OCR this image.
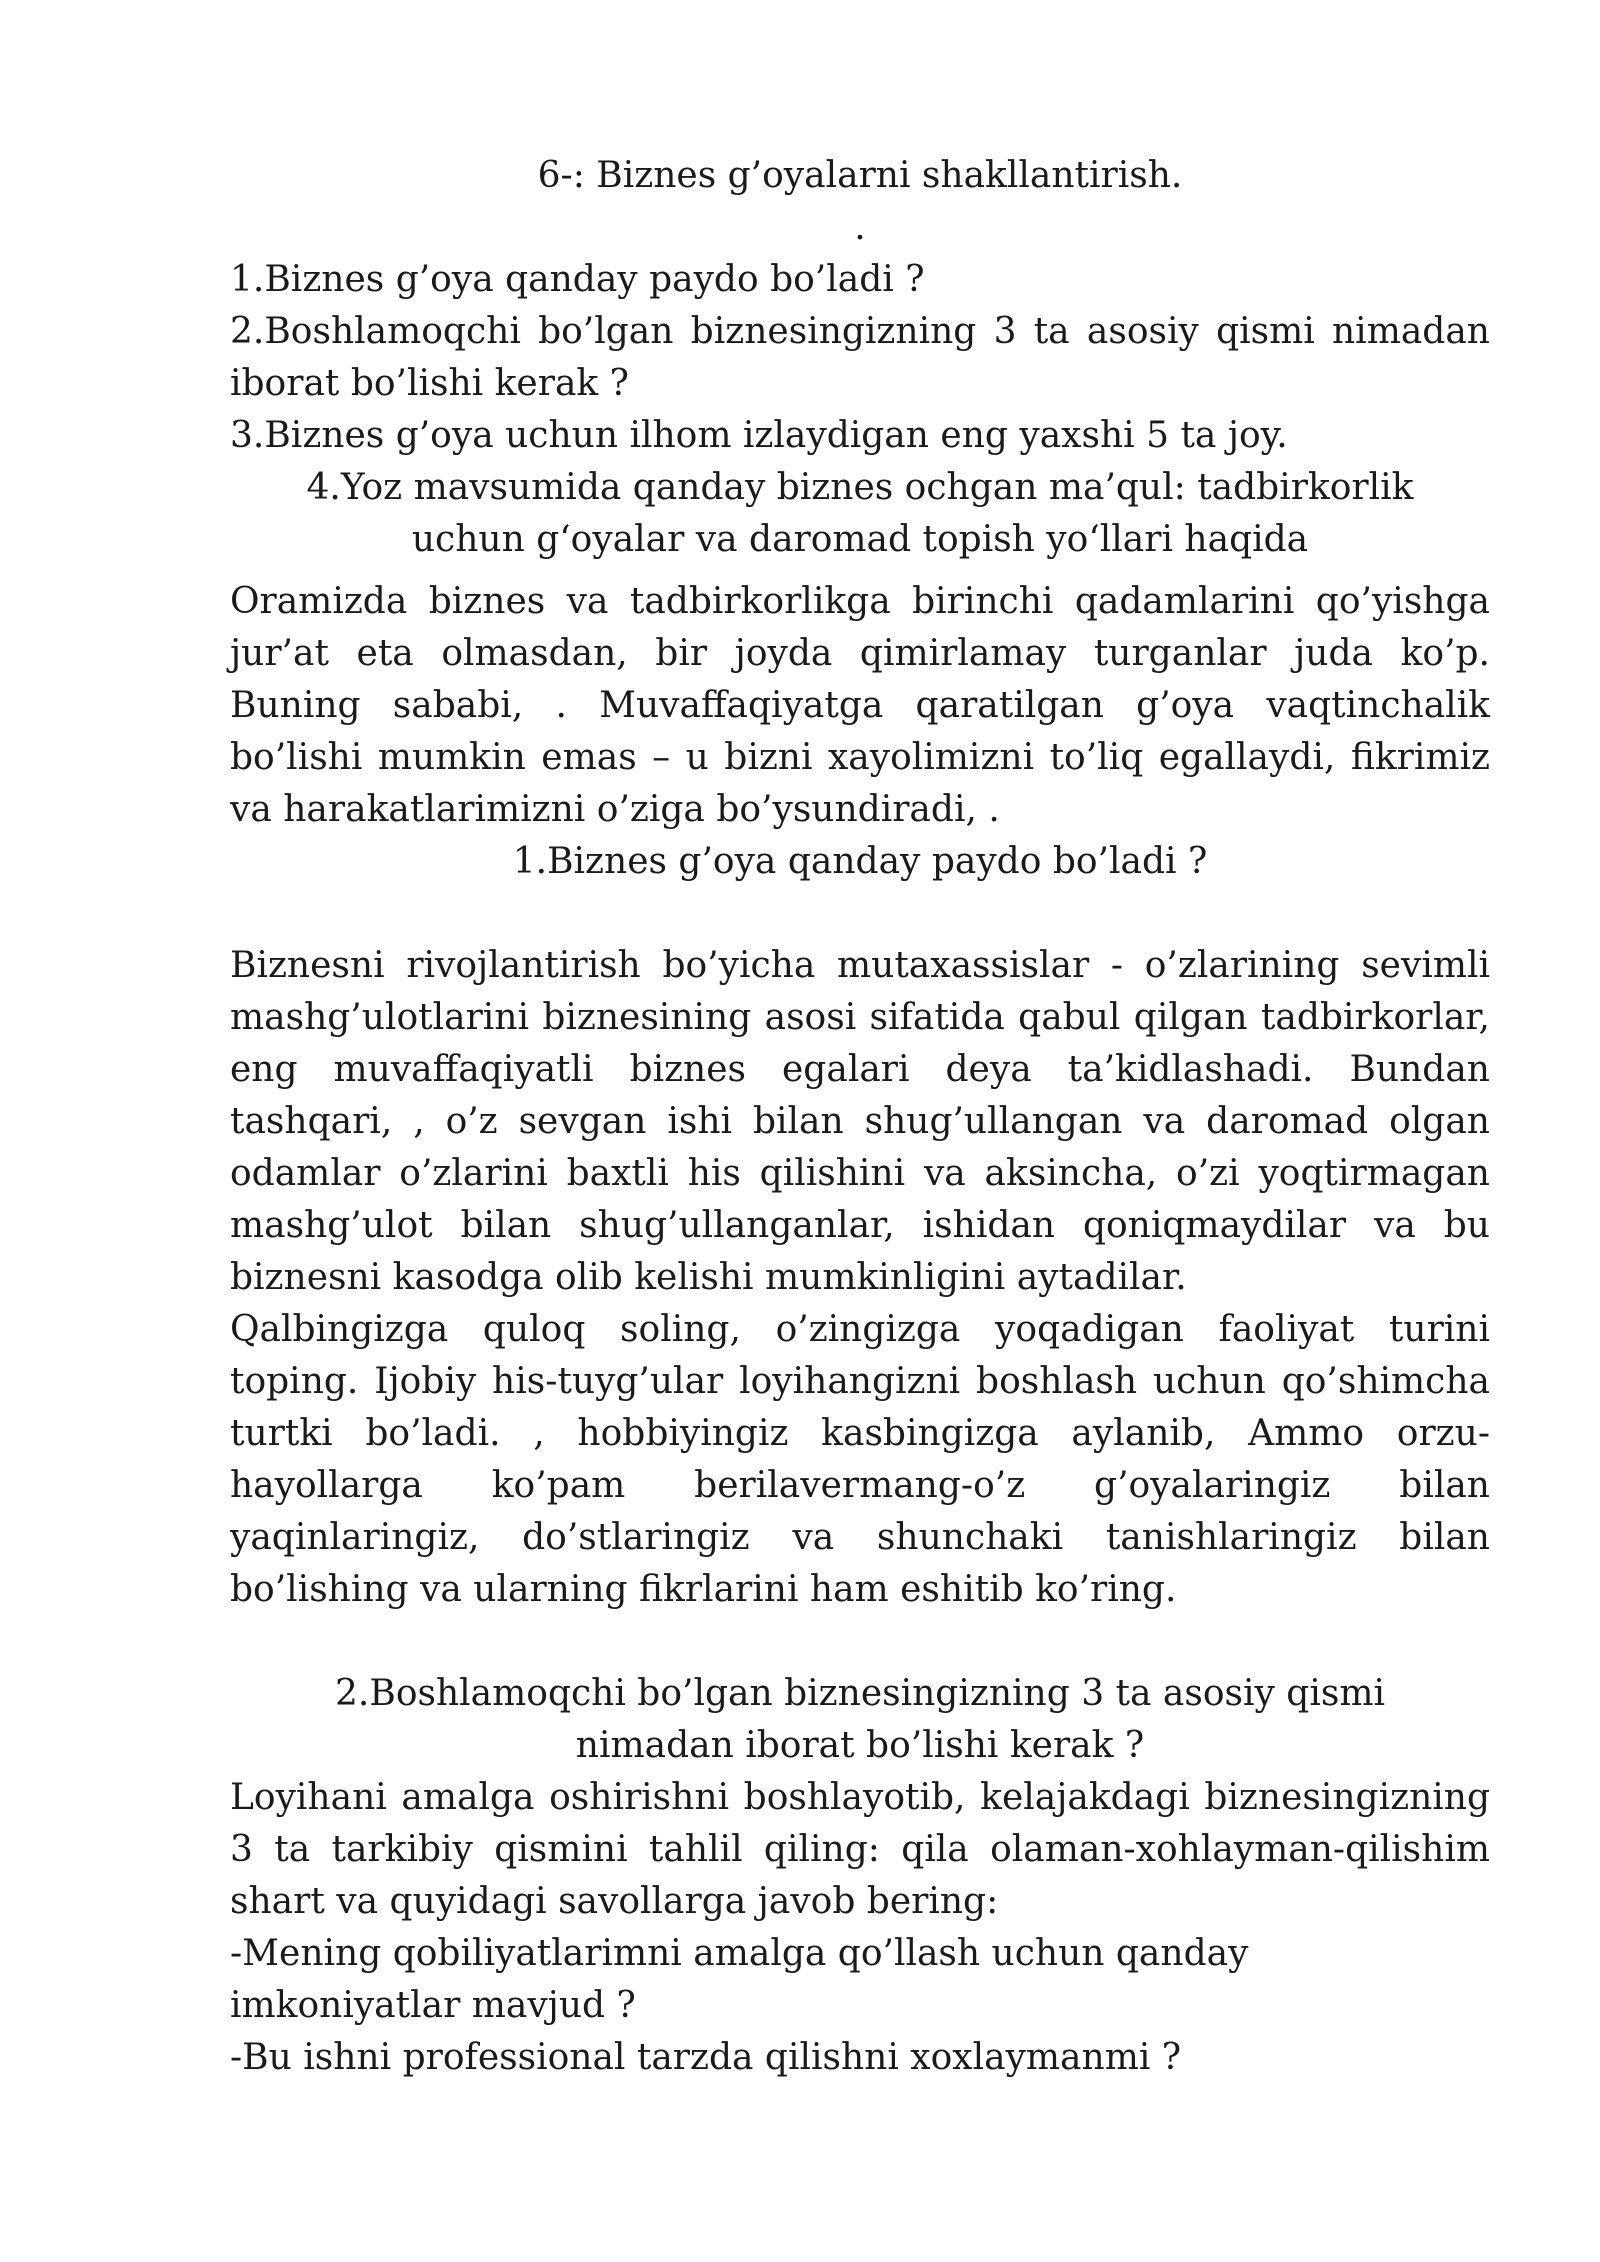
6-: Biznes g’oyalarni shakllantirish.

.

1.Biznes g’oya qanday paydo bo’ladi ?

2.Boshlamoqchi bo’lgan biznesingizning 3 ta asosiy qismi nimadan iborat bo’lishi kerak ?

3.Biznes g’oya uchun ilhom izlaydigan eng yaxshi 5 ta joy.

4.Yoz mavsumida qanday biznes ochgan ma’qul: tadbirkorlik uchun g‘oyalar va daromad topish yo‘llari haqida

Oramizda biznes va tadbirkorlikga birinchi qadamlarini qo’yishga jur’at eta olmasdan, bir joyda qimirlamay turganlar juda ko’p. Buning sababi, . Muvaffaqiyatga qaratilgan g’oya vaqtinchalik bo’lishi mumkin emas – u bizni xayolimizni to’liq egallaydi, fikrimiz va harakatlarimizni o’ziga bo’ysundiradi, .

1.Biznes g’oya qanday paydo bo’ladi ?

Biznesni rivojlantirish bo’yicha mutaxassislar - o’zlarining sevimli mashg’ulotlarini biznesining asosi sifatida qabul qilgan tadbirkorlar, eng muvaffaqiyatli biznes egalari deya ta’kidlashadi. Bundan tashqari, , o’z sevgan ishi bilan shug’ullangan va daromad olgan odamlar o’zlarini baxtli his qilishini va aksincha, o’zi yoqtirmagan mashg’ulot bilan shug’ullanganlar, ishidan qoniqmaydilar va bu biznesni kasodga olib kelishi mumkinligini aytadilar.

Qalbingizga quloq soling, o’zingizga yoqadigan faoliyat turini toping. Ijobiy his-tuyg’ular loyihangizni boshlash uchun qo’shimcha turtki bo’ladi. , hobbiyingiz kasbingizga aylanib, Ammo orzu-hayollarga ko’pam berilavermang-o’z g’oyalaringiz bilan yaqinlaringiz, do’stlaringiz va shunchaki tanishlaringiz bilan bo’lishing va ularning fikrlarini ham eshitib ko’ring.

2.Boshlamoqchi bo’lgan biznesingizning 3 ta asosiy qismi nimadan iborat bo’lishi kerak ?

Loyihani amalga oshirishni boshlayotib, kelajakdagi biznesingizning 3 ta tarkibiy qismini tahlil qiling: qila olaman-xohlayman-qilishim shart va quyidagi savollarga javob bering:

-Mening qobiliyatlarimni amalga qo’llash uchun qanday imkoniyatlar mavjud ?

-Bu ishni professional tarzda qilishni xoxlaymanmi ?
